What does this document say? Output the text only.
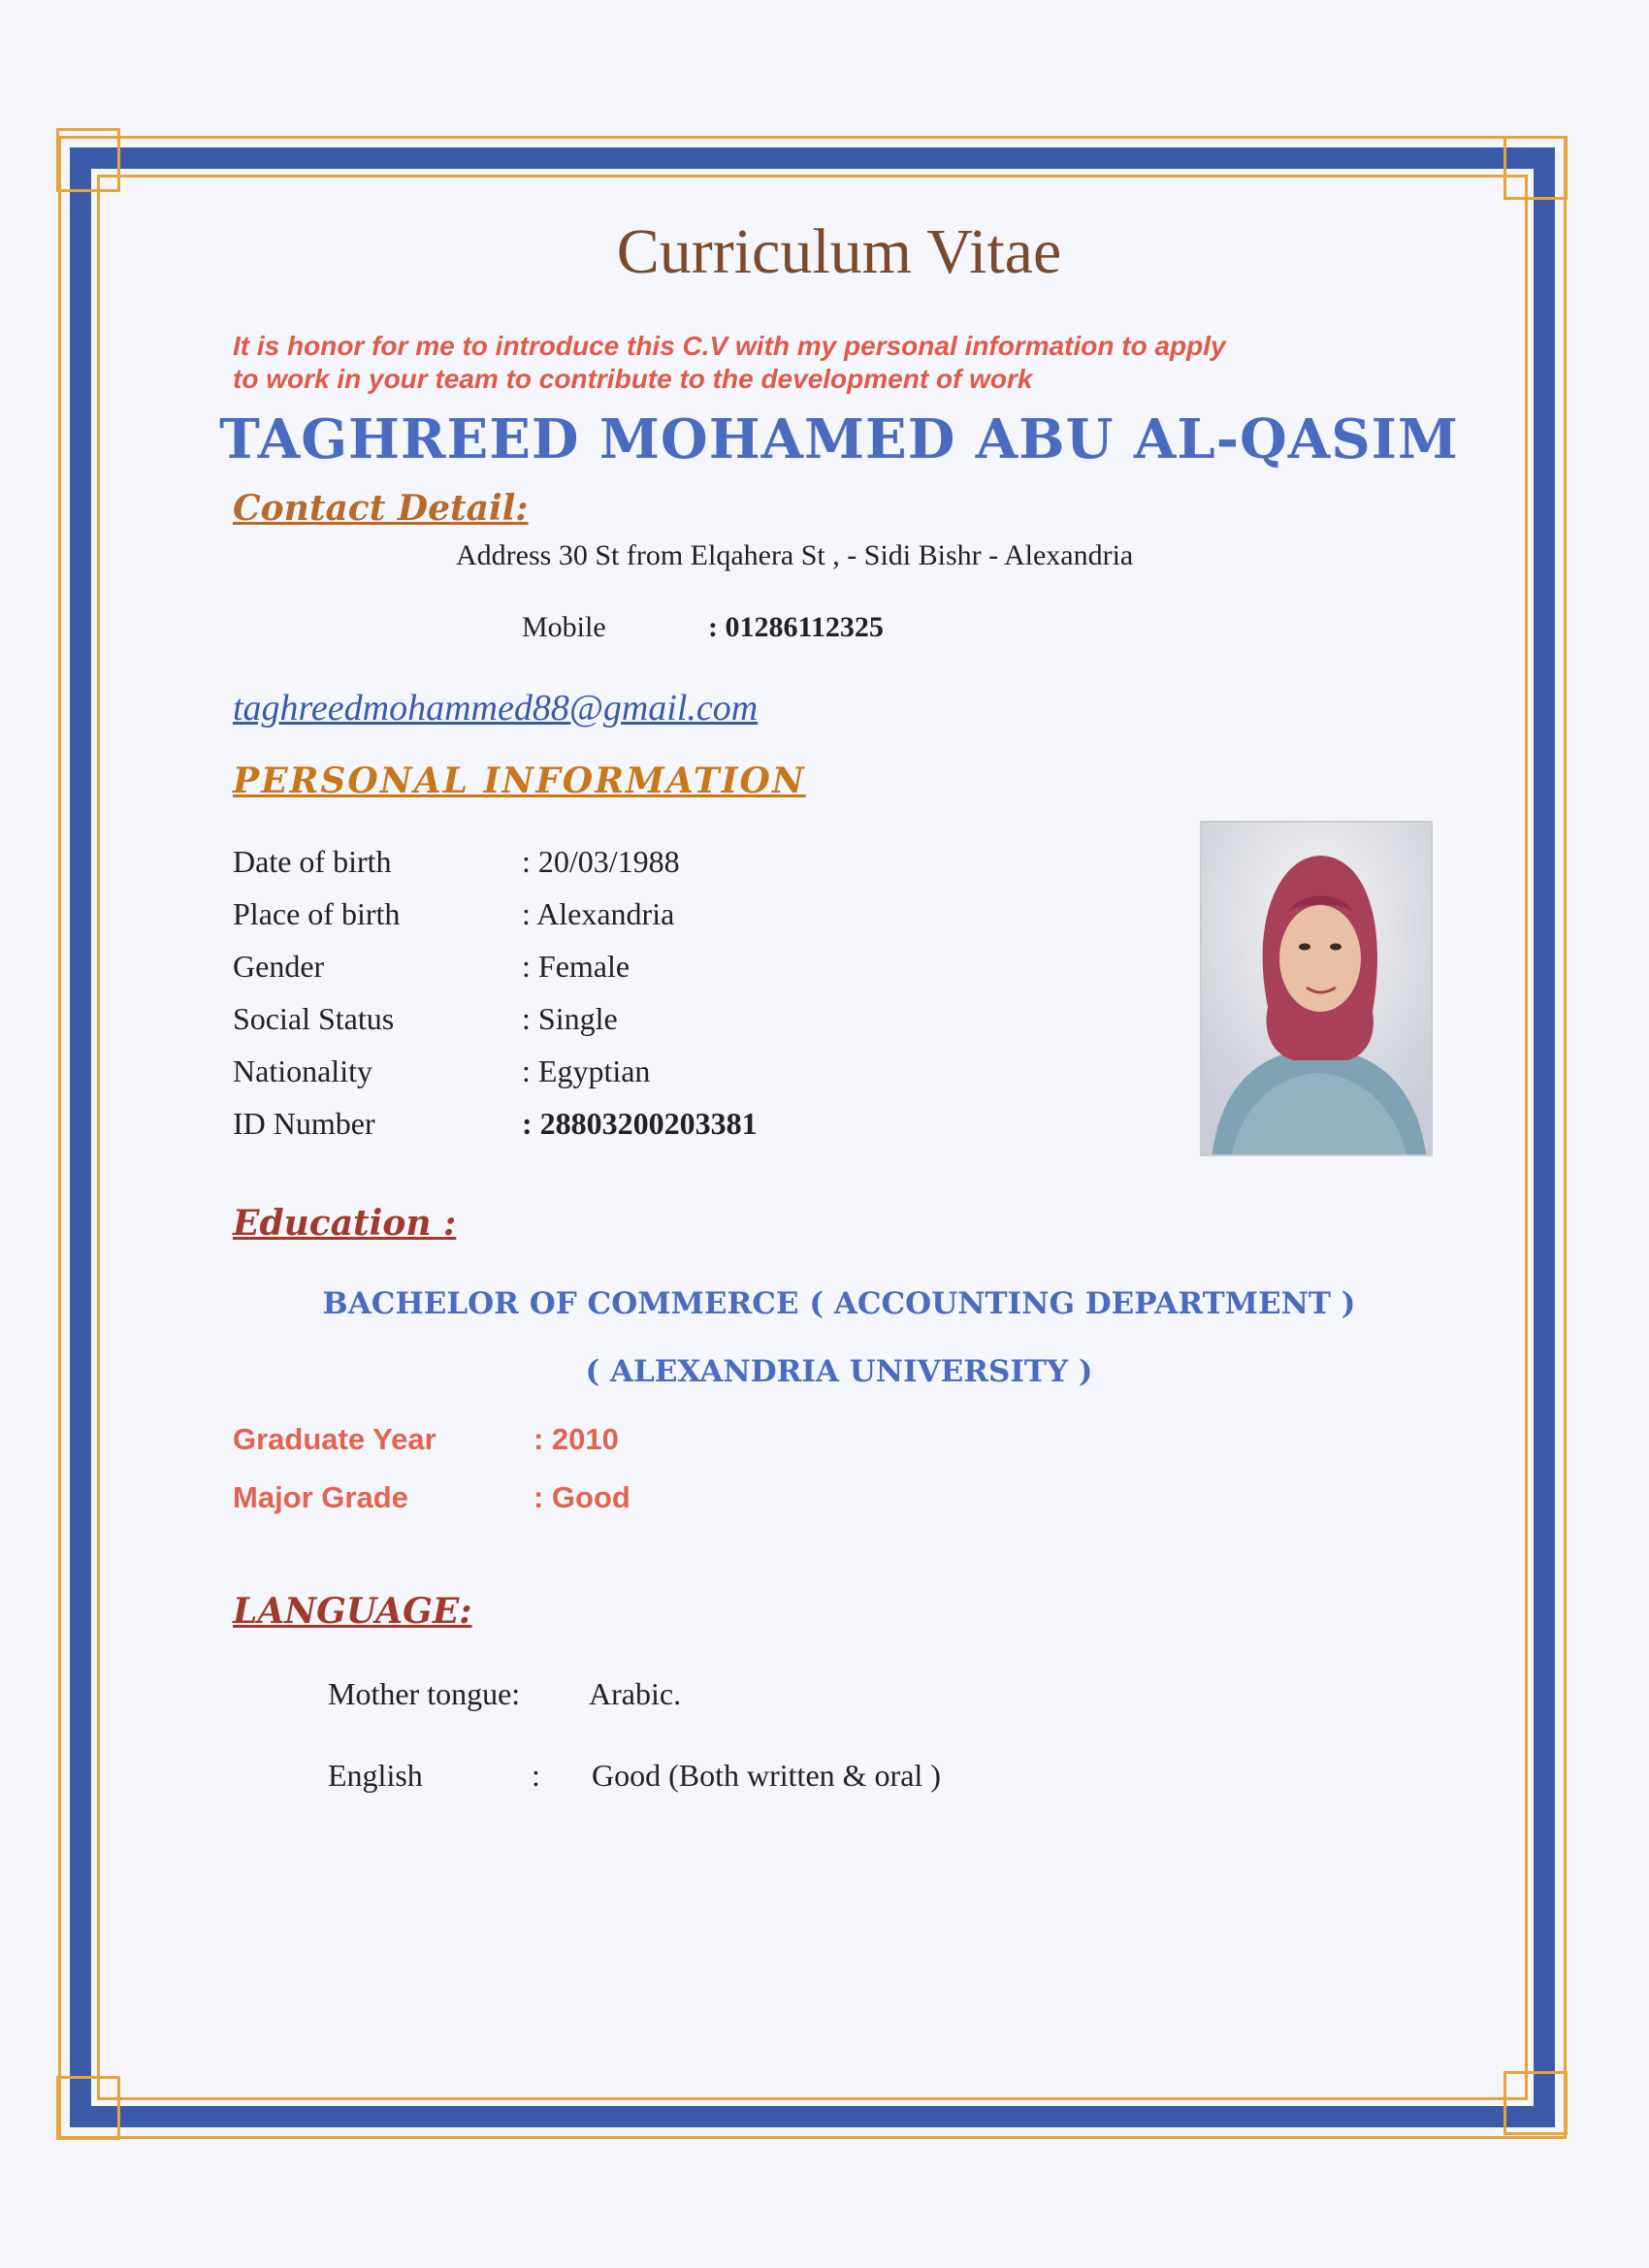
Curriculum Vitae
It is honor for me to introduce this C.V with my personal information to apply
to work in your team to contribute to the development of work
TAGHREED MOHAMED ABU AL-QASIM
Contact Detail:
Address 30 St from Elqahera St , - Sidi Bishr - Alexandria
Mobile	: 01286112325
taghreedmohammed88@gmail.com
PERSONAL INFORMATION
Date of birth	: 20/03/1988
Place of birth	: Alexandria
Gender	: Female
Social Status	: Single
Nationality	: Egyptian
ID Number	: 28803200203381
Education :
BACHELOR OF COMMERCE ( ACCOUNTING DEPARTMENT )
( ALEXANDRIA UNIVERSITY )
Graduate Year	: 2010
Major Grade	: Good
LANGUAGE:
Mother tongue: Arabic.
English	: Good (Both written & oral )
